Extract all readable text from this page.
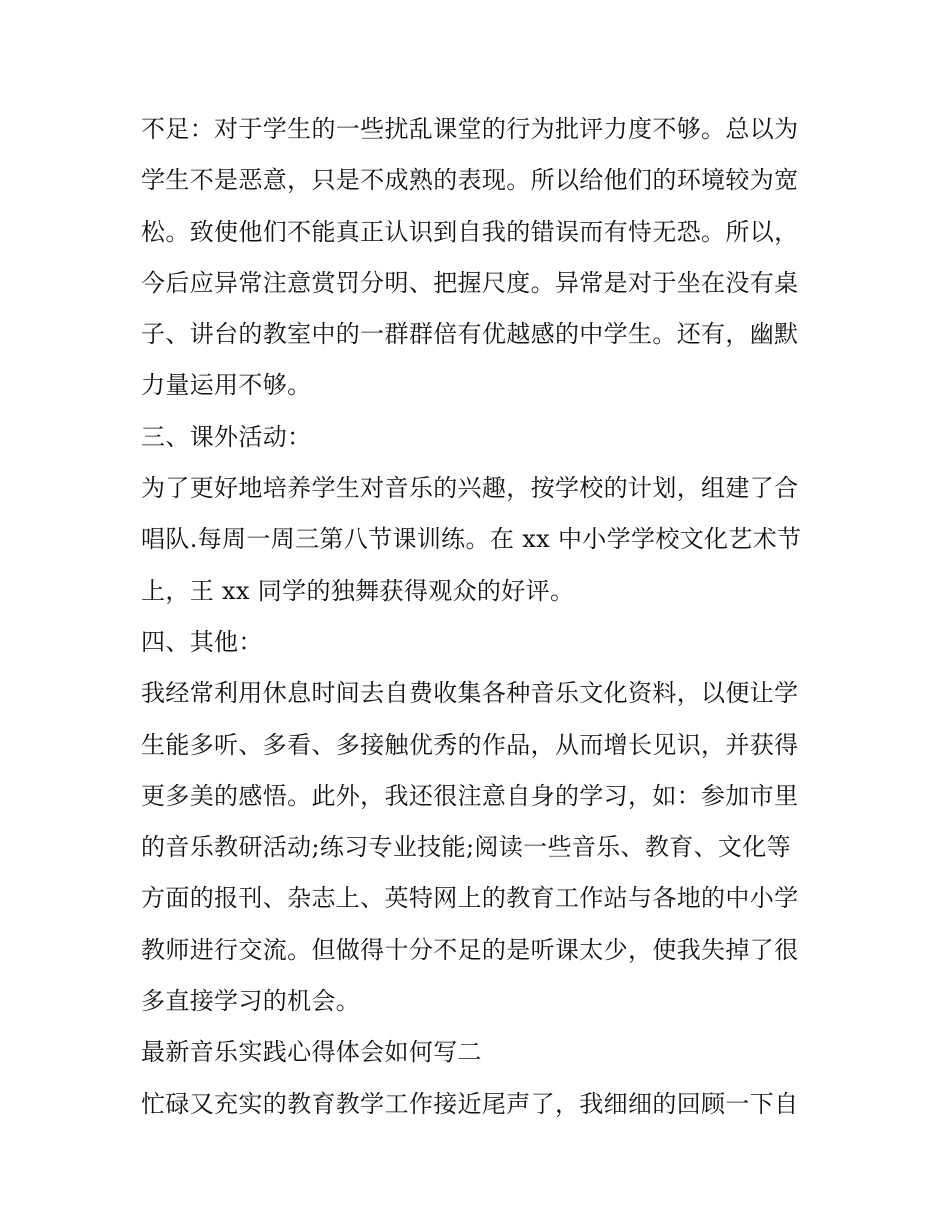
不足：对于学生的一些扰乱课堂的行为批评力度不够。总以为
学生不是恶意，只是不成熟的表现。所以给他们的环境较为宽
松。致使他们不能真正认识到自我的错误而有恃无恐。所以，
今后应异常注意赏罚分明、把握尺度。异常是对于坐在没有桌
子、讲台的教室中的一群群倍有优越感的中学生。还有，幽默
力量运用不够。
三、课外活动：
为了更好地培养学生对音乐的兴趣，按学校的计划，组建了合
唱队.每周一周三第八节课训练。在 xx 中小学学校文化艺术节
上，王 xx 同学的独舞获得观众的好评。
四、其他：
我经常利用休息时间去自费收集各种音乐文化资料，以便让学
生能多听、多看、多接触优秀的作品，从而增长见识，并获得
更多美的感悟。此外，我还很注意自身的学习，如：参加市里
的音乐教研活动;练习专业技能;阅读一些音乐、教育、文化等
方面的报刊、杂志上、英特网上的教育工作站与各地的中小学
教师进行交流。但做得十分不足的是听课太少，使我失掉了很
多直接学习的机会。
最新音乐实践心得体会如何写二
忙碌又充实的教育教学工作接近尾声了，我细细的回顾一下自
